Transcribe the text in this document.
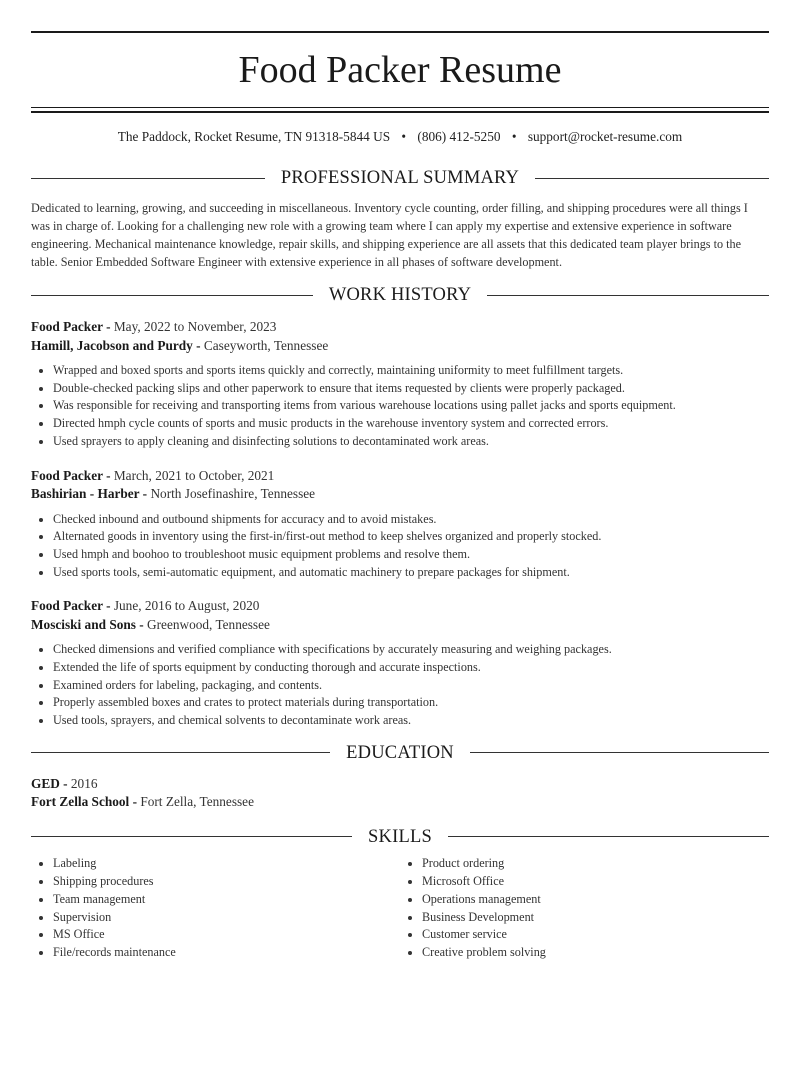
Food Packer Resume
The Paddock, Rocket Resume, TN 91318-5844 US • (806) 412-5250 • support@rocket-resume.com
PROFESSIONAL SUMMARY

Dedicated to learning, growing, and succeeding in miscellaneous. Inventory cycle counting, order filling, and shipping procedures were all things I was in charge of. Looking for a challenging new role with a growing team where I can apply my expertise and extensive experience in software engineering. Mechanical maintenance knowledge, repair skills, and shipping experience are all assets that this dedicated team player brings to the table. Senior Embedded Software Engineer with extensive experience in all phases of software development.

WORK HISTORY
Food Packer - May, 2022 to November, 2023
Hamill, Jacobson and Purdy - Caseyworth, Tennessee
• Wrapped and boxed sports and sports items quickly and correctly, maintaining uniformity to meet fulfillment targets.
• Double-checked packing slips and other paperwork to ensure that items requested by clients were properly packaged.
• Was responsible for receiving and transporting items from various warehouse locations using pallet jacks and sports equipment.
• Directed hmph cycle counts of sports and music products in the warehouse inventory system and corrected errors.
• Used sprayers to apply cleaning and disinfecting solutions to decontaminated work areas.
Food Packer - March, 2021 to October, 2021
Bashirian - Harber - North Josefinashire, Tennessee
• Checked inbound and outbound shipments for accuracy and to avoid mistakes.
• Alternated goods in inventory using the first-in/first-out method to keep shelves organized and properly stocked.
• Used hmph and boohoo to troubleshoot music equipment problems and resolve them.
• Used sports tools, semi-automatic equipment, and automatic machinery to prepare packages for shipment.
Food Packer - June, 2016 to August, 2020
Mosciski and Sons - Greenwood, Tennessee
• Checked dimensions and verified compliance with specifications by accurately measuring and weighing packages.
• Extended the life of sports equipment by conducting thorough and accurate inspections.
• Examined orders for labeling, packaging, and contents.
• Properly assembled boxes and crates to protect materials during transportation.
• Used tools, sprayers, and chemical solvents to decontaminate work areas.
EDUCATION
GED - 2016
Fort Zella School - Fort Zella, Tennessee
SKILLS
• Labeling
• Shipping procedures
• Team management
• Supervision
• MS Office
• File/records maintenance
• Product ordering
• Microsoft Office
• Operations management
• Business Development
• Customer service
• Creative problem solving
